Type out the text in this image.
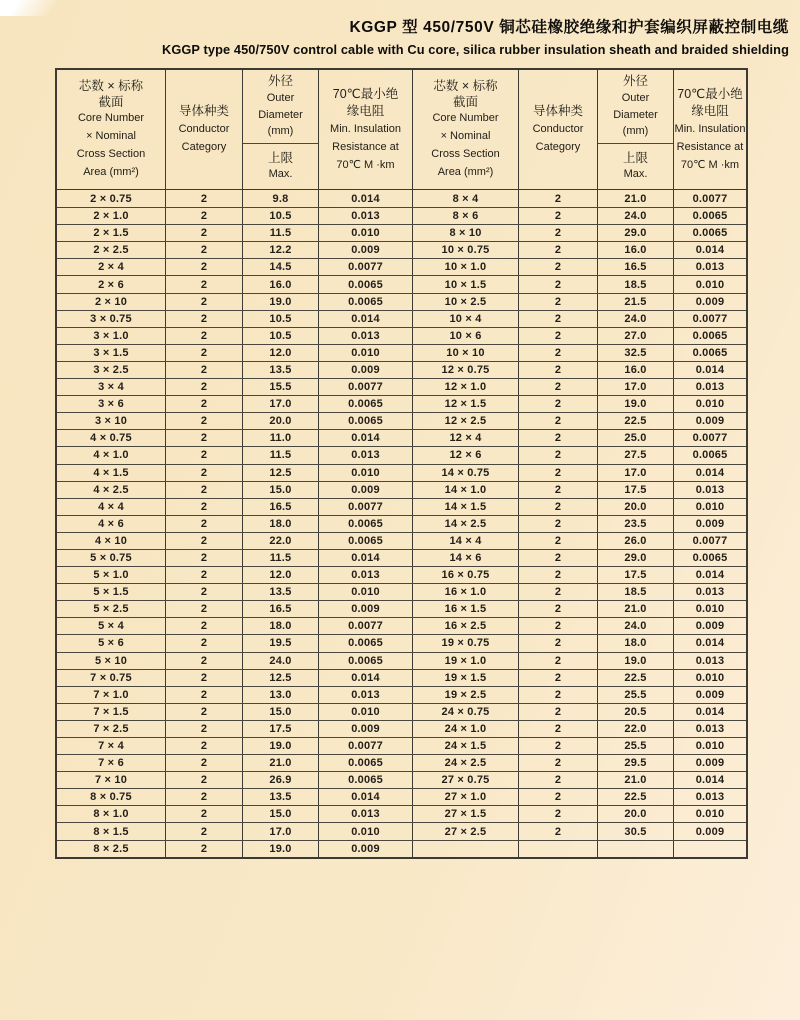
KGGP 型 450/750V 铜芯硅橡胶绝缘和护套编织屏蔽控制电缆
KGGP type 450/750V control cable with Cu core, silica rubber insulation sheath and braided shielding
芯数 × 标称
截面
Core Number
× Nominal
Cross Section
Area (mm²)
导体种类
Conductor
Category
外径
Outer
Diameter
(mm)
上限
Max.
70℃最小绝
缘电阻
Min. Insulation
Resistance at
70℃ M ·km
2 × 0.75	2	9.8	0.014
2 × 1.0	2	10.5	0.013
2 × 1.5	2	11.5	0.010
2 × 2.5	2	12.2	0.009
2 × 4	2	14.5	0.0077
2 × 6	2	16.0	0.0065
2 × 10	2	19.0	0.0065
3 × 0.75	2	10.5	0.014
3 × 1.0	2	10.5	0.013
3 × 1.5	2	12.0	0.010
3 × 2.5	2	13.5	0.009
3 × 4	2	15.5	0.0077
3 × 6	2	17.0	0.0065
3 × 10	2	20.0	0.0065
4 × 0.75	2	11.0	0.014
4 × 1.0	2	11.5	0.013
4 × 1.5	2	12.5	0.010
4 × 2.5	2	15.0	0.009
4 × 4	2	16.5	0.0077
4 × 6	2	18.0	0.0065
4 × 10	2	22.0	0.0065
5 × 0.75	2	11.5	0.014
5 × 1.0	2	12.0	0.013
5 × 1.5	2	13.5	0.010
5 × 2.5	2	16.5	0.009
5 × 4	2	18.0	0.0077
5 × 6	2	19.5	0.0065
5 × 10	2	24.0	0.0065
7 × 0.75	2	12.5	0.014
7 × 1.0	2	13.0	0.013
7 × 1.5	2	15.0	0.010
7 × 2.5	2	17.5	0.009
7 × 4	2	19.0	0.0077
7 × 6	2	21.0	0.0065
7 × 10	2	26.9	0.0065
8 × 0.75	2	13.5	0.014
8 × 1.0	2	15.0	0.013
8 × 1.5	2	17.0	0.010
8 × 2.5	2	19.0	0.009
芯数 × 标称
截面
Core Number
× Nominal
Cross Section
Area (mm²)
导体种类
Conductor
Category
外径
Outer
Diameter
(mm)
上限
Max.
70℃最小绝
缘电阻
Min. Insulation
Resistance at
70℃ M ·km
8 × 4	2	21.0	0.0077
8 × 6	2	24.0	0.0065
8 × 10	2	29.0	0.0065
10 × 0.75	2	16.0	0.014
10 × 1.0	2	16.5	0.013
10 × 1.5	2	18.5	0.010
10 × 2.5	2	21.5	0.009
10 × 4	2	24.0	0.0077
10 × 6	2	27.0	0.0065
10 × 10	2	32.5	0.0065
12 × 0.75	2	16.0	0.014
12 × 1.0	2	17.0	0.013
12 × 1.5	2	19.0	0.010
12 × 2.5	2	22.5	0.009
12 × 4	2	25.0	0.0077
12 × 6	2	27.5	0.0065
14 × 0.75	2	17.0	0.014
14 × 1.0	2	17.5	0.013
14 × 1.5	2	20.0	0.010
14 × 2.5	2	23.5	0.009
14 × 4	2	26.0	0.0077
14 × 6	2	29.0	0.0065
16 × 0.75	2	17.5	0.014
16 × 1.0	2	18.5	0.013
16 × 1.5	2	21.0	0.010
16 × 2.5	2	24.0	0.009
19 × 0.75	2	18.0	0.014
19 × 1.0	2	19.0	0.013
19 × 1.5	2	22.5	0.010
19 × 2.5	2	25.5	0.009
24 × 0.75	2	20.5	0.014
24 × 1.0	2	22.0	0.013
24 × 1.5	2	25.5	0.010
24 × 2.5	2	29.5	0.009
27 × 0.75	2	21.0	0.014
27 × 1.0	2	22.5	0.013
27 × 1.5	2	20.0	0.010
27 × 2.5	2	30.5	0.009
